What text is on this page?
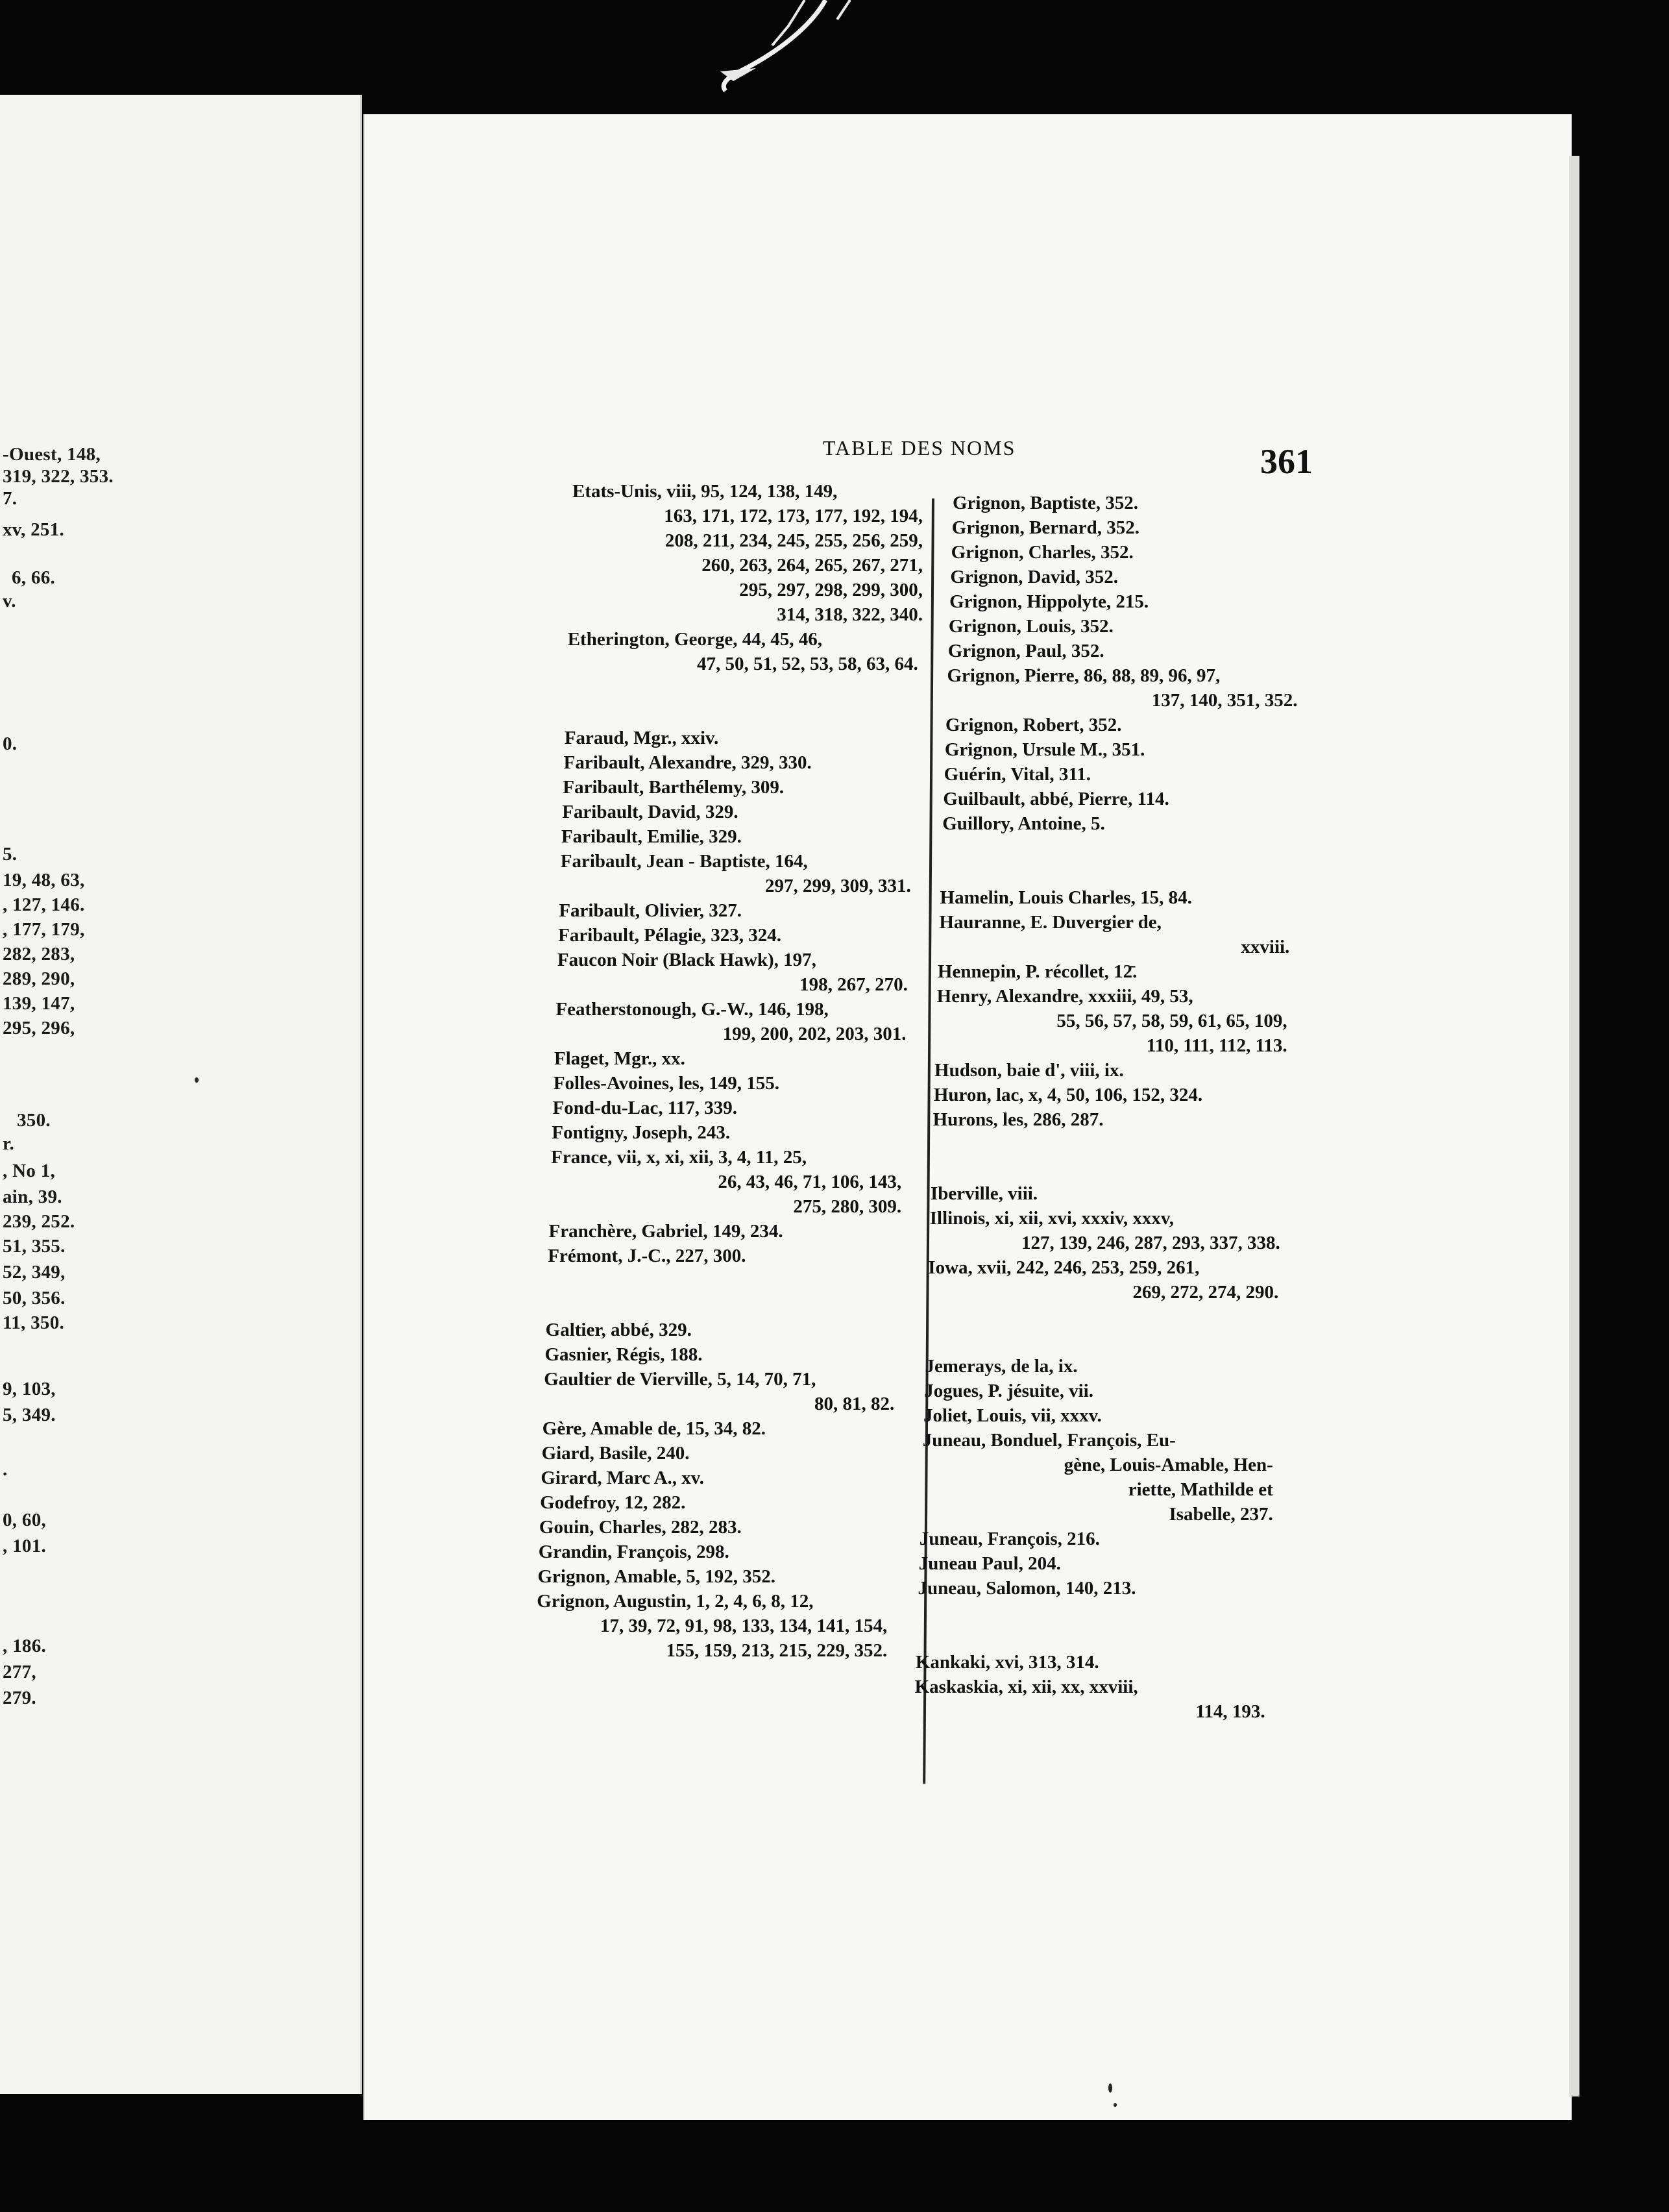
-Ouest, 148,
319, 322, 353.
7.
xv, 251.
6, 66.
v.
0.
5.
19, 48, 63,
, 127, 146.
, 177, 179,
282, 283,
289, 290,
139, 147,
295, 296,
350.
r.
, No 1,
ain, 39.
239, 252.
51, 355.
52, 349,
50, 356.
11, 350.
9, 103,
5, 349.
.
0, 60,
, 101.
, 186.
277,
279.
TABLE DES NOMS	361
Etats-Unis, viii, 95, 124, 138, 149,
163, 171, 172, 173, 177, 192, 194,
208, 211, 234, 245, 255, 256, 259,
260, 263, 264, 265, 267, 271,
295, 297, 298, 299, 300,
314, 318, 322, 340.
Etherington, George, 44, 45, 46,
47, 50, 51, 52, 53, 58, 63, 64.
Faraud, Mgr., xxiv.
Faribault, Alexandre, 329, 330.
Faribault, Barthélemy, 309.
Faribault, David, 329.
Faribault, Emilie, 329.
Faribault, Jean - Baptiste, 164,
297, 299, 309, 331.
Faribault, Olivier, 327.
Faribault, Pélagie, 323, 324.
Faucon Noir (Black Hawk), 197,
198, 267, 270.
Featherstonough, G.-W., 146, 198,
199, 200, 202, 203, 301.
Flaget, Mgr., xx.
Folles-Avoines, les, 149, 155.
Fond-du-Lac, 117, 339.
Fontigny, Joseph, 243.
France, vii, x, xi, xii, 3, 4, 11, 25,
26, 43, 46, 71, 106, 143,
275, 280, 309.
Franchère, Gabriel, 149, 234.
Frémont, J.-C., 227, 300.
Galtier, abbé, 329.
Gasnier, Régis, 188.
Gaultier de Vierville, 5, 14, 70, 71,
80, 81, 82.
Gère, Amable de, 15, 34, 82.
Giard, Basile, 240.
Girard, Marc A., xv.
Godefroy, 12, 282.
Gouin, Charles, 282, 283.
Grandin, François, 298.
Grignon, Amable, 5, 192, 352.
Grignon, Augustin, 1, 2, 4, 6, 8, 12,
17, 39, 72, 91, 98, 133, 134, 141, 154,
155, 159, 213, 215, 229, 352.
Grignon, Baptiste, 352.
Grignon, Bernard, 352.
Grignon, Charles, 352.
Grignon, David, 352.
Grignon, Hippolyte, 215.
Grignon, Louis, 352.
Grignon, Paul, 352.
Grignon, Pierre, 86, 88, 89, 96, 97,
137, 140, 351, 352.
Grignon, Robert, 352.
Grignon, Ursule M., 351.
Guérin, Vital, 311.
Guilbault, abbé, Pierre, 114.
Guillory, Antoine, 5.
Hamelin, Louis Charles, 15, 84.
Hauranne, E. Duvergier de,
xxviii.
Hennepin, P. récollet, 12̄.
Henry, Alexandre, xxxiii, 49, 53,
55, 56, 57, 58, 59, 61, 65, 109,
110, 111, 112, 113.
Hudson, baie d', viii, ix.
Huron, lac, x, 4, 50, 106, 152, 324.
Hurons, les, 286, 287.
Iberville, viii.
Illinois, xi, xii, xvi, xxxiv, xxxv,
127, 139, 246, 287, 293, 337, 338.
Iowa, xvii, 242, 246, 253, 259, 261,
269, 272, 274, 290.
Jemerays, de la, ix.
Jogues, P. jésuite, vii.
Joliet, Louis, vii, xxxv.
Juneau, Bonduel, François, Eu-
gène, Louis-Amable, Hen-
riette, Mathilde et
Isabelle, 237.
Juneau, François, 216.
Juneau Paul, 204.
Juneau, Salomon, 140, 213.
Kankaki, xvi, 313, 314.
Kaskaskia, xi, xii, xx, xxviii,
114, 193.
